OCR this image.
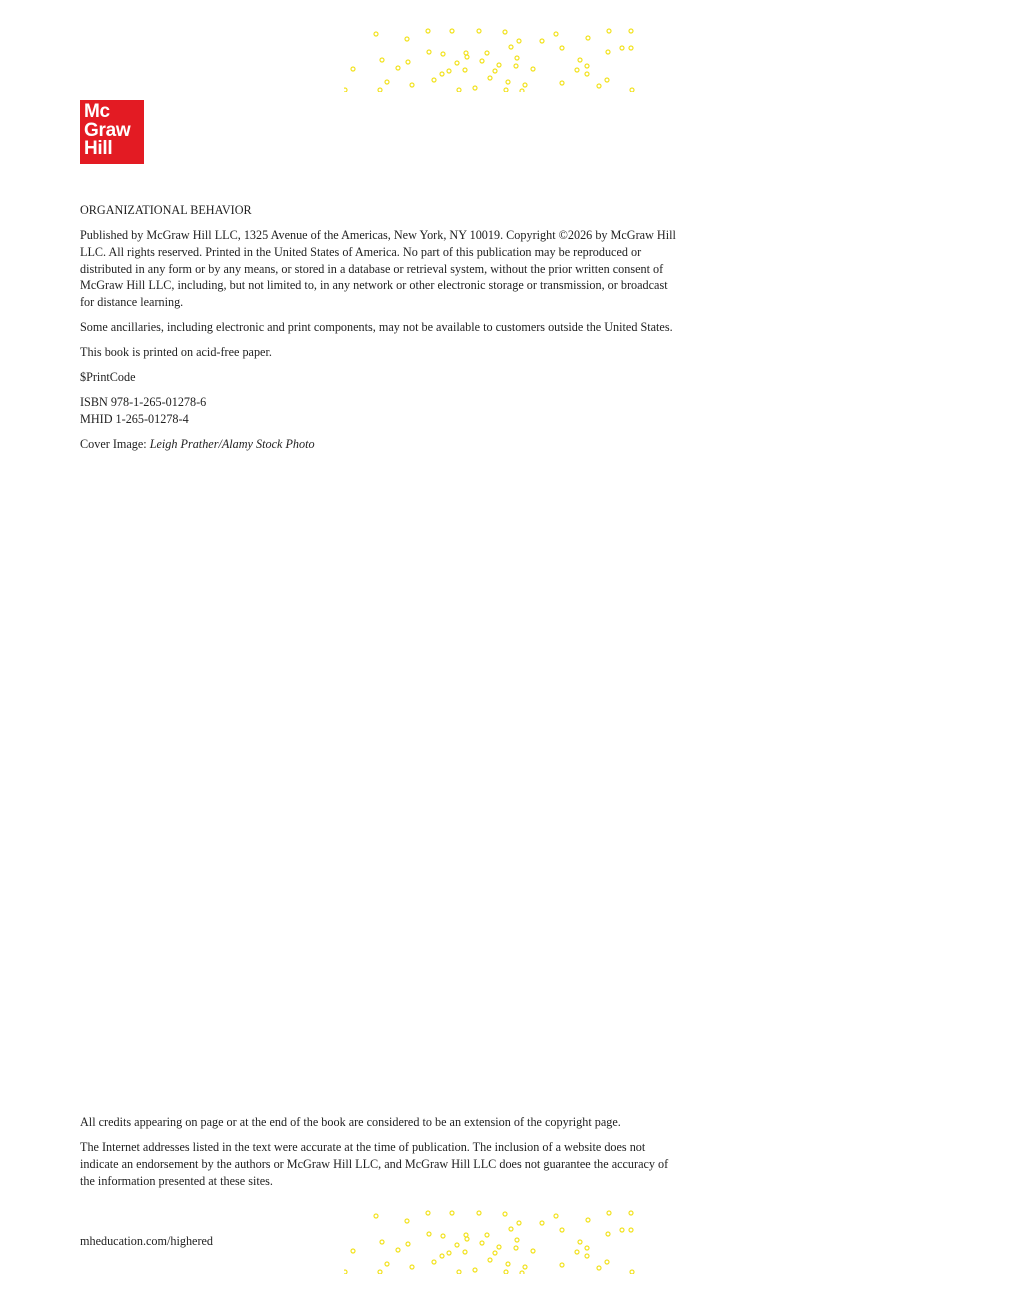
Mc
Graw
Hill

ORGANIZATIONAL BEHAVIOR

Published by McGraw Hill LLC, 1325 Avenue of the Americas, New York, NY 10019. Copyright ©2026 by McGraw Hill LLC. All rights reserved. Printed in the United States of America. No part of this publication may be reproduced or distributed in any form or by any means, or stored in a database or retrieval system, without the prior written consent of McGraw Hill LLC, including, but not limited to, in any network or other electronic storage or transmission, or broadcast for distance learning.

Some ancillaries, including electronic and print components, may not be available to customers outside the United States.

This book is printed on acid-free paper.

$PrintCode

ISBN 978-1-265-01278-6
MHID 1-265-01278-4

Cover Image: Leigh Prather/Alamy Stock Photo

All credits appearing on page or at the end of the book are considered to be an extension of the copyright page.

The Internet addresses listed in the text were accurate at the time of publication. The inclusion of a website does not indicate an endorsement by the authors or McGraw Hill LLC, and McGraw Hill LLC does not guarantee the accuracy of the information presented at these sites.

mheducation.com/highered
